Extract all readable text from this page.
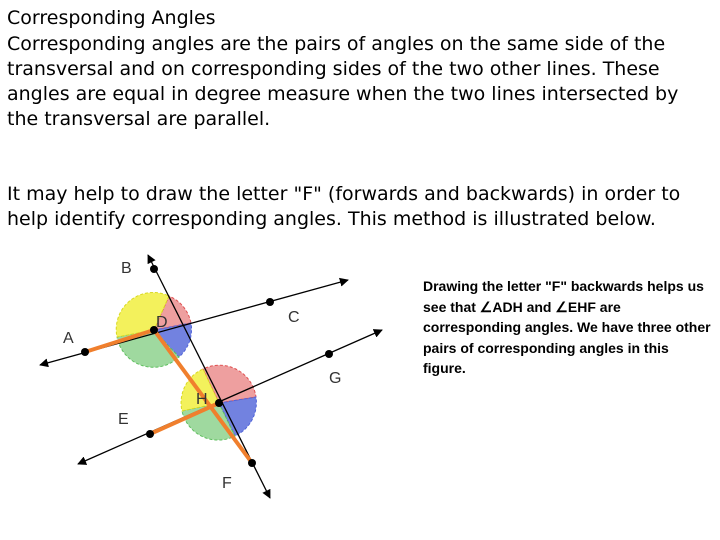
Corresponding Angles

Corresponding angles are the pairs of angles on the same side of the transversal and on corresponding sides of the two other lines. These angles are equal in degree measure when the two lines intersected by the transversal are parallel.

It may help to draw the letter "F" (forwards and backwards) in order to help identify corresponding angles. This method is illustrated below.

Drawing the letter "F" backwards helps us see that ∠ADH and ∠EHF are corresponding angles. We have three other pairs of corresponding angles in this figure.

B
A
D	C
G
H
E
F
